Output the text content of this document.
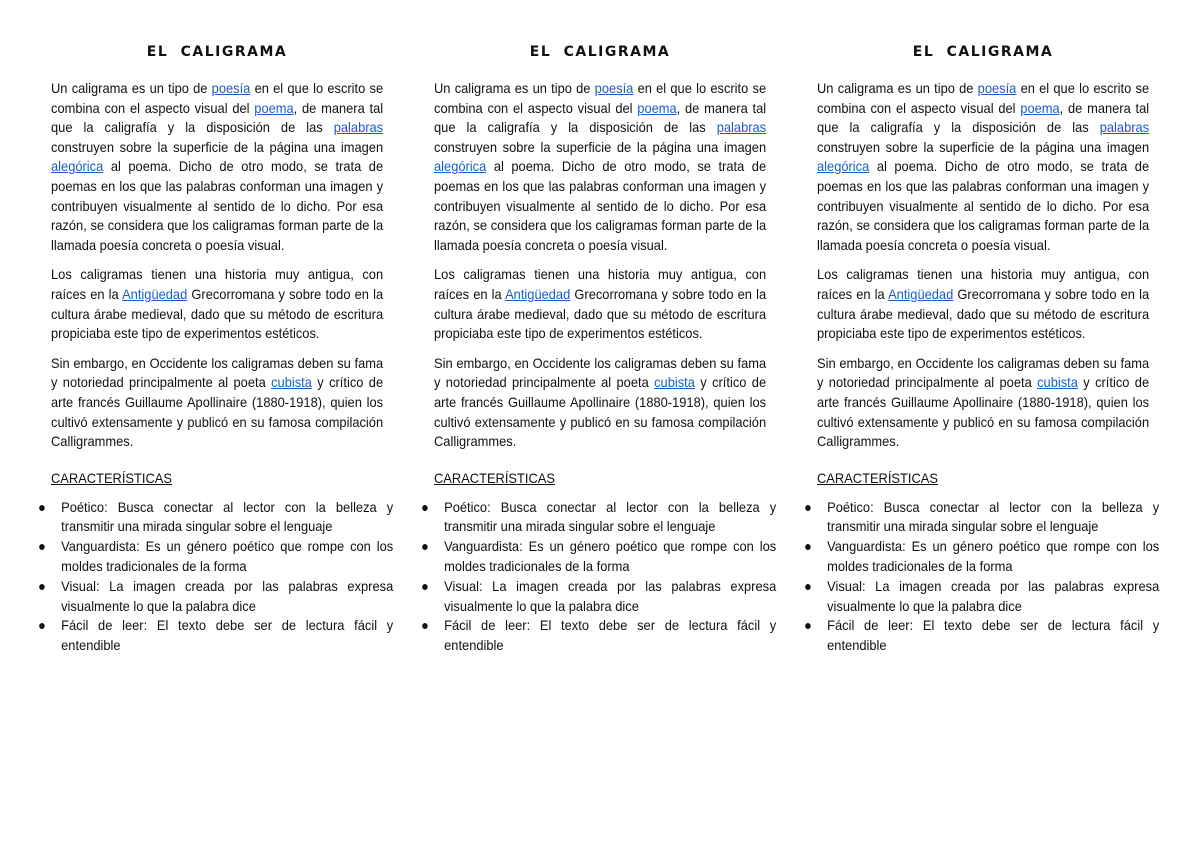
EL CALIGRAMA

Un caligrama es un tipo de poesía en el que lo escrito se combina con el aspecto visual del poema, de manera tal que la caligrafía y la disposición de las palabras construyen sobre la superficie de la página una imagen alegórica al poema. Dicho de otro modo, se trata de poemas en los que las palabras conforman una imagen y contribuyen visualmente al sentido de lo dicho. Por esa razón, se considera que los caligramas forman parte de la llamada poesía concreta o poesía visual.

Los caligramas tienen una historia muy antigua, con raíces en la Antigüedad Grecorromana y sobre todo en la cultura árabe medieval, dado que su método de escritura propiciaba este tipo de experimentos estéticos.

Sin embargo, en Occidente los caligramas deben su fama y notoriedad principalmente al poeta cubista y crítico de arte francés Guillaume Apollinaire (1880-1918), quien los cultivó extensamente y publicó en su famosa compilación Calligrammes.

CARACTERÍSTICAS
● Poético: Busca conectar al lector con la belleza y transmitir una mirada singular sobre el lenguaje
● Vanguardista: Es un género poético que rompe con los moldes tradicionales de la forma
● Visual: La imagen creada por las palabras expresa visualmente lo que la palabra dice
● Fácil de leer: El texto debe ser de lectura fácil y entendible
EL CALIGRAMA

Un caligrama es un tipo de poesía en el que lo escrito se combina con el aspecto visual del poema, de manera tal que la caligrafía y la disposición de las palabras construyen sobre la superficie de la página una imagen alegórica al poema. Dicho de otro modo, se trata de poemas en los que las palabras conforman una imagen y contribuyen visualmente al sentido de lo dicho. Por esa razón, se considera que los caligramas forman parte de la llamada poesía concreta o poesía visual.

Los caligramas tienen una historia muy antigua, con raíces en la Antigüedad Grecorromana y sobre todo en la cultura árabe medieval, dado que su método de escritura propiciaba este tipo de experimentos estéticos.

Sin embargo, en Occidente los caligramas deben su fama y notoriedad principalmente al poeta cubista y crítico de arte francés Guillaume Apollinaire (1880-1918), quien los cultivó extensamente y publicó en su famosa compilación Calligrammes.

CARACTERÍSTICAS
● Poético: Busca conectar al lector con la belleza y transmitir una mirada singular sobre el lenguaje
● Vanguardista: Es un género poético que rompe con los moldes tradicionales de la forma
● Visual: La imagen creada por las palabras expresa visualmente lo que la palabra dice
● Fácil de leer: El texto debe ser de lectura fácil y entendible
EL CALIGRAMA

Un caligrama es un tipo de poesía en el que lo escrito se combina con el aspecto visual del poema, de manera tal que la caligrafía y la disposición de las palabras construyen sobre la superficie de la página una imagen alegórica al poema. Dicho de otro modo, se trata de poemas en los que las palabras conforman una imagen y contribuyen visualmente al sentido de lo dicho. Por esa razón, se considera que los caligramas forman parte de la llamada poesía concreta o poesía visual.

Los caligramas tienen una historia muy antigua, con raíces en la Antigüedad Grecorromana y sobre todo en la cultura árabe medieval, dado que su método de escritura propiciaba este tipo de experimentos estéticos.

Sin embargo, en Occidente los caligramas deben su fama y notoriedad principalmente al poeta cubista y crítico de arte francés Guillaume Apollinaire (1880-1918), quien los cultivó extensamente y publicó en su famosa compilación Calligrammes.

CARACTERÍSTICAS
● Poético: Busca conectar al lector con la belleza y transmitir una mirada singular sobre el lenguaje
● Vanguardista: Es un género poético que rompe con los moldes tradicionales de la forma
● Visual: La imagen creada por las palabras expresa visualmente lo que la palabra dice
● Fácil de leer: El texto debe ser de lectura fácil y entendible
